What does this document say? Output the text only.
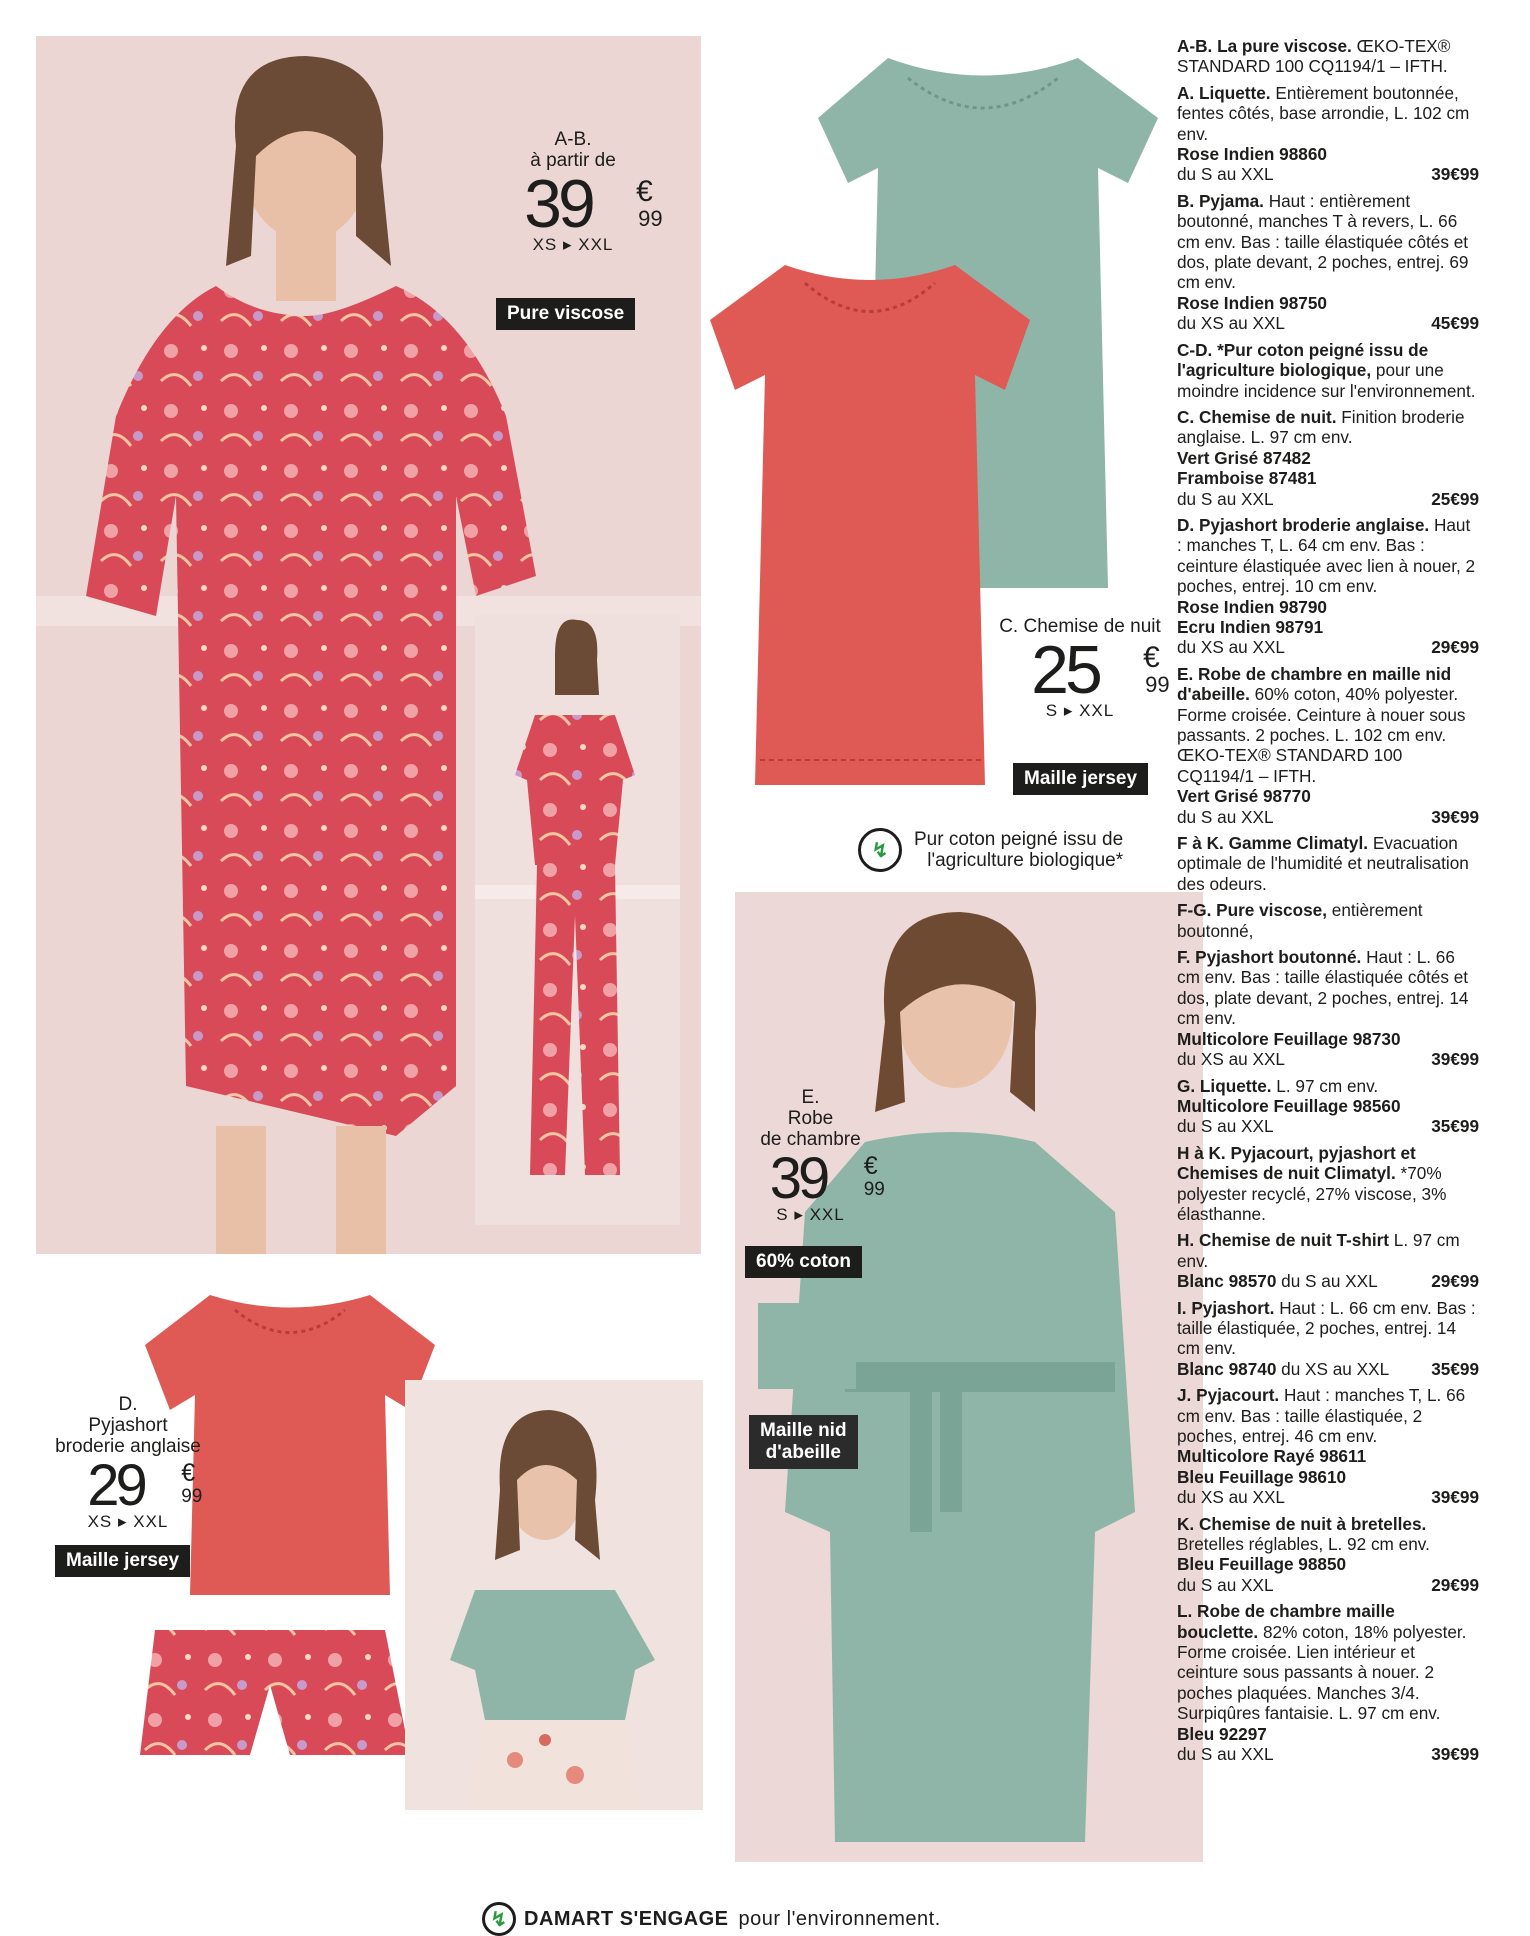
A-B.
à partir de
39 €
99
XS ▸ XXL
Pure viscose
C. Chemise de nuit
25 €
99
S ▸ XXL
Maille jersey
↯	Pur coton peigné issu de
l'agriculture biologique*
E.
Robe
de chambre
39 €
99
S ▸ XXL
60% coton
Maille nid
d'abeille
D.
Pyjashort
broderie anglaise
29 €
99
XS ▸ XXL
Maille jersey
A-B. La pure viscose. ŒKO-TEX® STANDARD 100 CQ1194/1 – IFTH.
A. Liquette. Entièrement boutonnée, fentes côtés, base arrondie, L. 102 cm env.
Rose Indien 98860
du S au XXL	39€99
B. Pyjama. Haut : entièrement boutonné, manches T à revers, L. 66 cm env. Bas : taille élastiquée côtés et dos, plate devant, 2 poches, entrej. 69 cm env.
Rose Indien 98750
du XS au XXL	45€99
C-D. *Pur coton peigné issu de l'agriculture biologique, pour une moindre incidence sur l'environnement.
C. Chemise de nuit. Finition broderie anglaise. L. 97 cm env.
Vert Grisé 87482
Framboise 87481
du S au XXL	25€99
D. Pyjashort broderie anglaise. Haut : manches T, L. 64 cm env. Bas : ceinture élastiquée avec lien à nouer, 2 poches, entrej. 10 cm env.
Rose Indien 98790
Ecru Indien 98791
du XS au XXL	29€99
E. Robe de chambre en maille nid d'abeille. 60% coton, 40% polyester. Forme croisée. Ceinture à nouer sous passants. 2 poches. L. 102 cm env. ŒKO-TEX® STANDARD 100 CQ1194/1 – IFTH.
Vert Grisé 98770
du S au XXL	39€99
F à K. Gamme Climatyl. Evacuation optimale de l'humidité et neutralisation des odeurs.
F-G. Pure viscose, entièrement boutonné,
F. Pyjashort boutonné. Haut : L. 66 cm env. Bas : taille élastiquée côtés et dos, plate devant, 2 poches, entrej. 14 cm env.
Multicolore Feuillage 98730
du XS au XXL	39€99
G. Liquette. L. 97 cm env.
Multicolore Feuillage 98560
du S au XXL	35€99
H à K. Pyjacourt, pyjashort et Chemises de nuit Climatyl. *70% polyester recyclé, 27% viscose, 3% élasthanne.
H. Chemise de nuit T-shirt L. 97 cm env.
Blanc 98570 du S au XXL	29€99
I. Pyjashort. Haut : L. 66 cm env. Bas : taille élastiquée, 2 poches, entrej. 14 cm env.
Blanc 98740 du XS au XXL 35€99
J. Pyjacourt. Haut : manches T, L. 66 cm env. Bas : taille élastiquée, 2 poches, entrej. 46 cm env.
Multicolore Rayé 98611
Bleu Feuillage 98610
du XS au XXL	39€99
K. Chemise de nuit à bretelles. Bretelles réglables, L. 92 cm env.
Bleu Feuillage 98850
du S au XXL	29€99
L. Robe de chambre maille bouclette. 82% coton, 18% polyester. Forme croisée. Lien intérieur et ceinture sous passants à nouer. 2 poches plaquées. Manches 3/4. Surpiqûres fantaisie. L. 97 cm env.
Bleu 92297
du S au XXL	39€99
↯ DAMART S'ENGAGE pour l'environnement.
